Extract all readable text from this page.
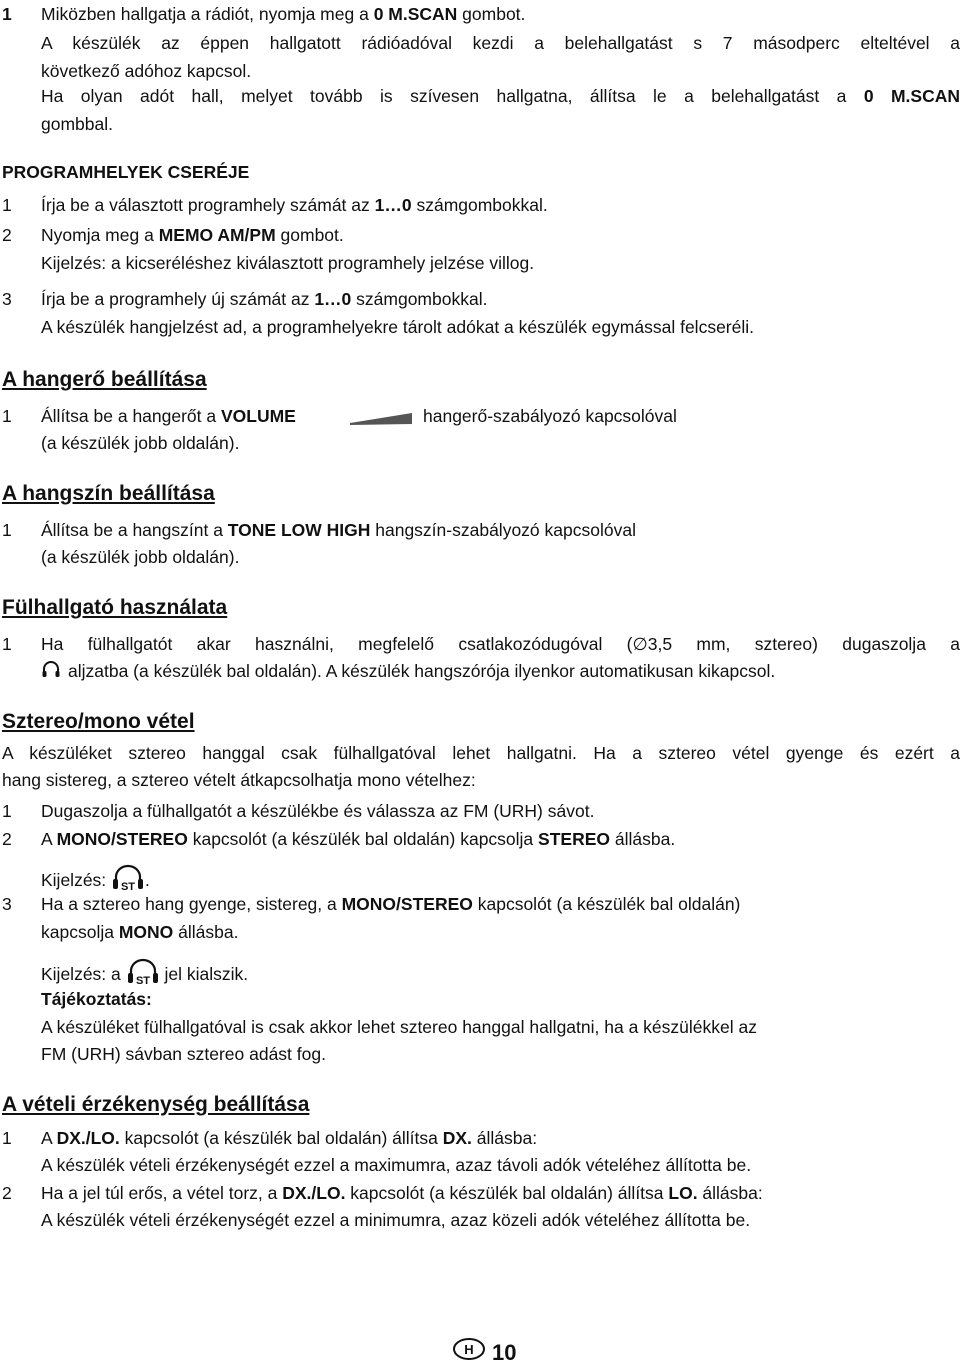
1 Miközben hallgatja a rádiót, nyomja meg a 0 M.SCAN gombot.
A készülék az éppen hallgatott rádióadóval kezdi a belehallgatást s 7 másodperc elteltével a
következő adóhoz kapcsol.
Ha olyan adót hall, melyet tovább is szívesen hallgatna, állítsa le a belehallgatást a 0 M.SCAN
gombbal.
PROGRAMHELYEK CSERÉJE
1 Írja be a választott programhely számát az 1…0 számgombokkal.
2 Nyomja meg a MEMO AM/PM gombot.
Kijelzés: a kicseréléshez kiválasztott programhely jelzése villog.
3 Írja be a programhely új számát az 1…0 számgombokkal.
A készülék hangjelzést ad, a programhelyekre tárolt adókat a készülék egymással felcseréli.
A hangerő beállítása
1 Állítsa be a hangerőt a VOLUME	hangerő-szabályozó kapcsolóval
(a készülék jobb oldalán).
A hangszín beállítása
1 Állítsa be a hangszínt a TONE LOW HIGH hangszín-szabályozó kapcsolóval
(a készülék jobb oldalán).
Fülhallgató használata
1 Ha fülhallgatót akar használni, megfelelő csatlakozódugóval (∅3,5 mm, sztereo) dugaszolja a
aljzatba (a készülék bal oldalán). A készülék hangszórója ilyenkor automatikusan kikapcsol.
Sztereo/mono vétel
A készüléket sztereo hanggal csak fülhallgatóval lehet hallgatni. Ha a sztereo vétel gyenge és ezért a
hang sistereg, a sztereo vételt átkapcsolhatja mono vételhez:
1 Dugaszolja a fülhallgatót a készülékbe és válassza az FM (URH) sávot.
2 A MONO/STEREO kapcsolót (a készülék bal oldalán) kapcsolja STEREO állásba.
Kijelzés: ST .
3 Ha a sztereo hang gyenge, sistereg, a MONO/STEREO kapcsolót (a készülék bal oldalán)
kapcsolja MONO állásba.
Kijelzés: a ST jel kialszik.
Tájékoztatás:
A készüléket fülhallgatóval is csak akkor lehet sztereo hanggal hallgatni, ha a készülékkel az
FM (URH) sávban sztereo adást fog.
A vételi érzékenység beállítása
1 A DX./LO. kapcsolót (a készülék bal oldalán) állítsa DX. állásba:
A készülék vételi érzékenységét ezzel a maximumra, azaz távoli adók vételéhez állította be.
2 Ha a jel túl erős, a vétel torz, a DX./LO. kapcsolót (a készülék bal oldalán) állítsa LO. állásba:
A készülék vételi érzékenységét ezzel a minimumra, azaz közeli adók vételéhez állította be.
H 10
